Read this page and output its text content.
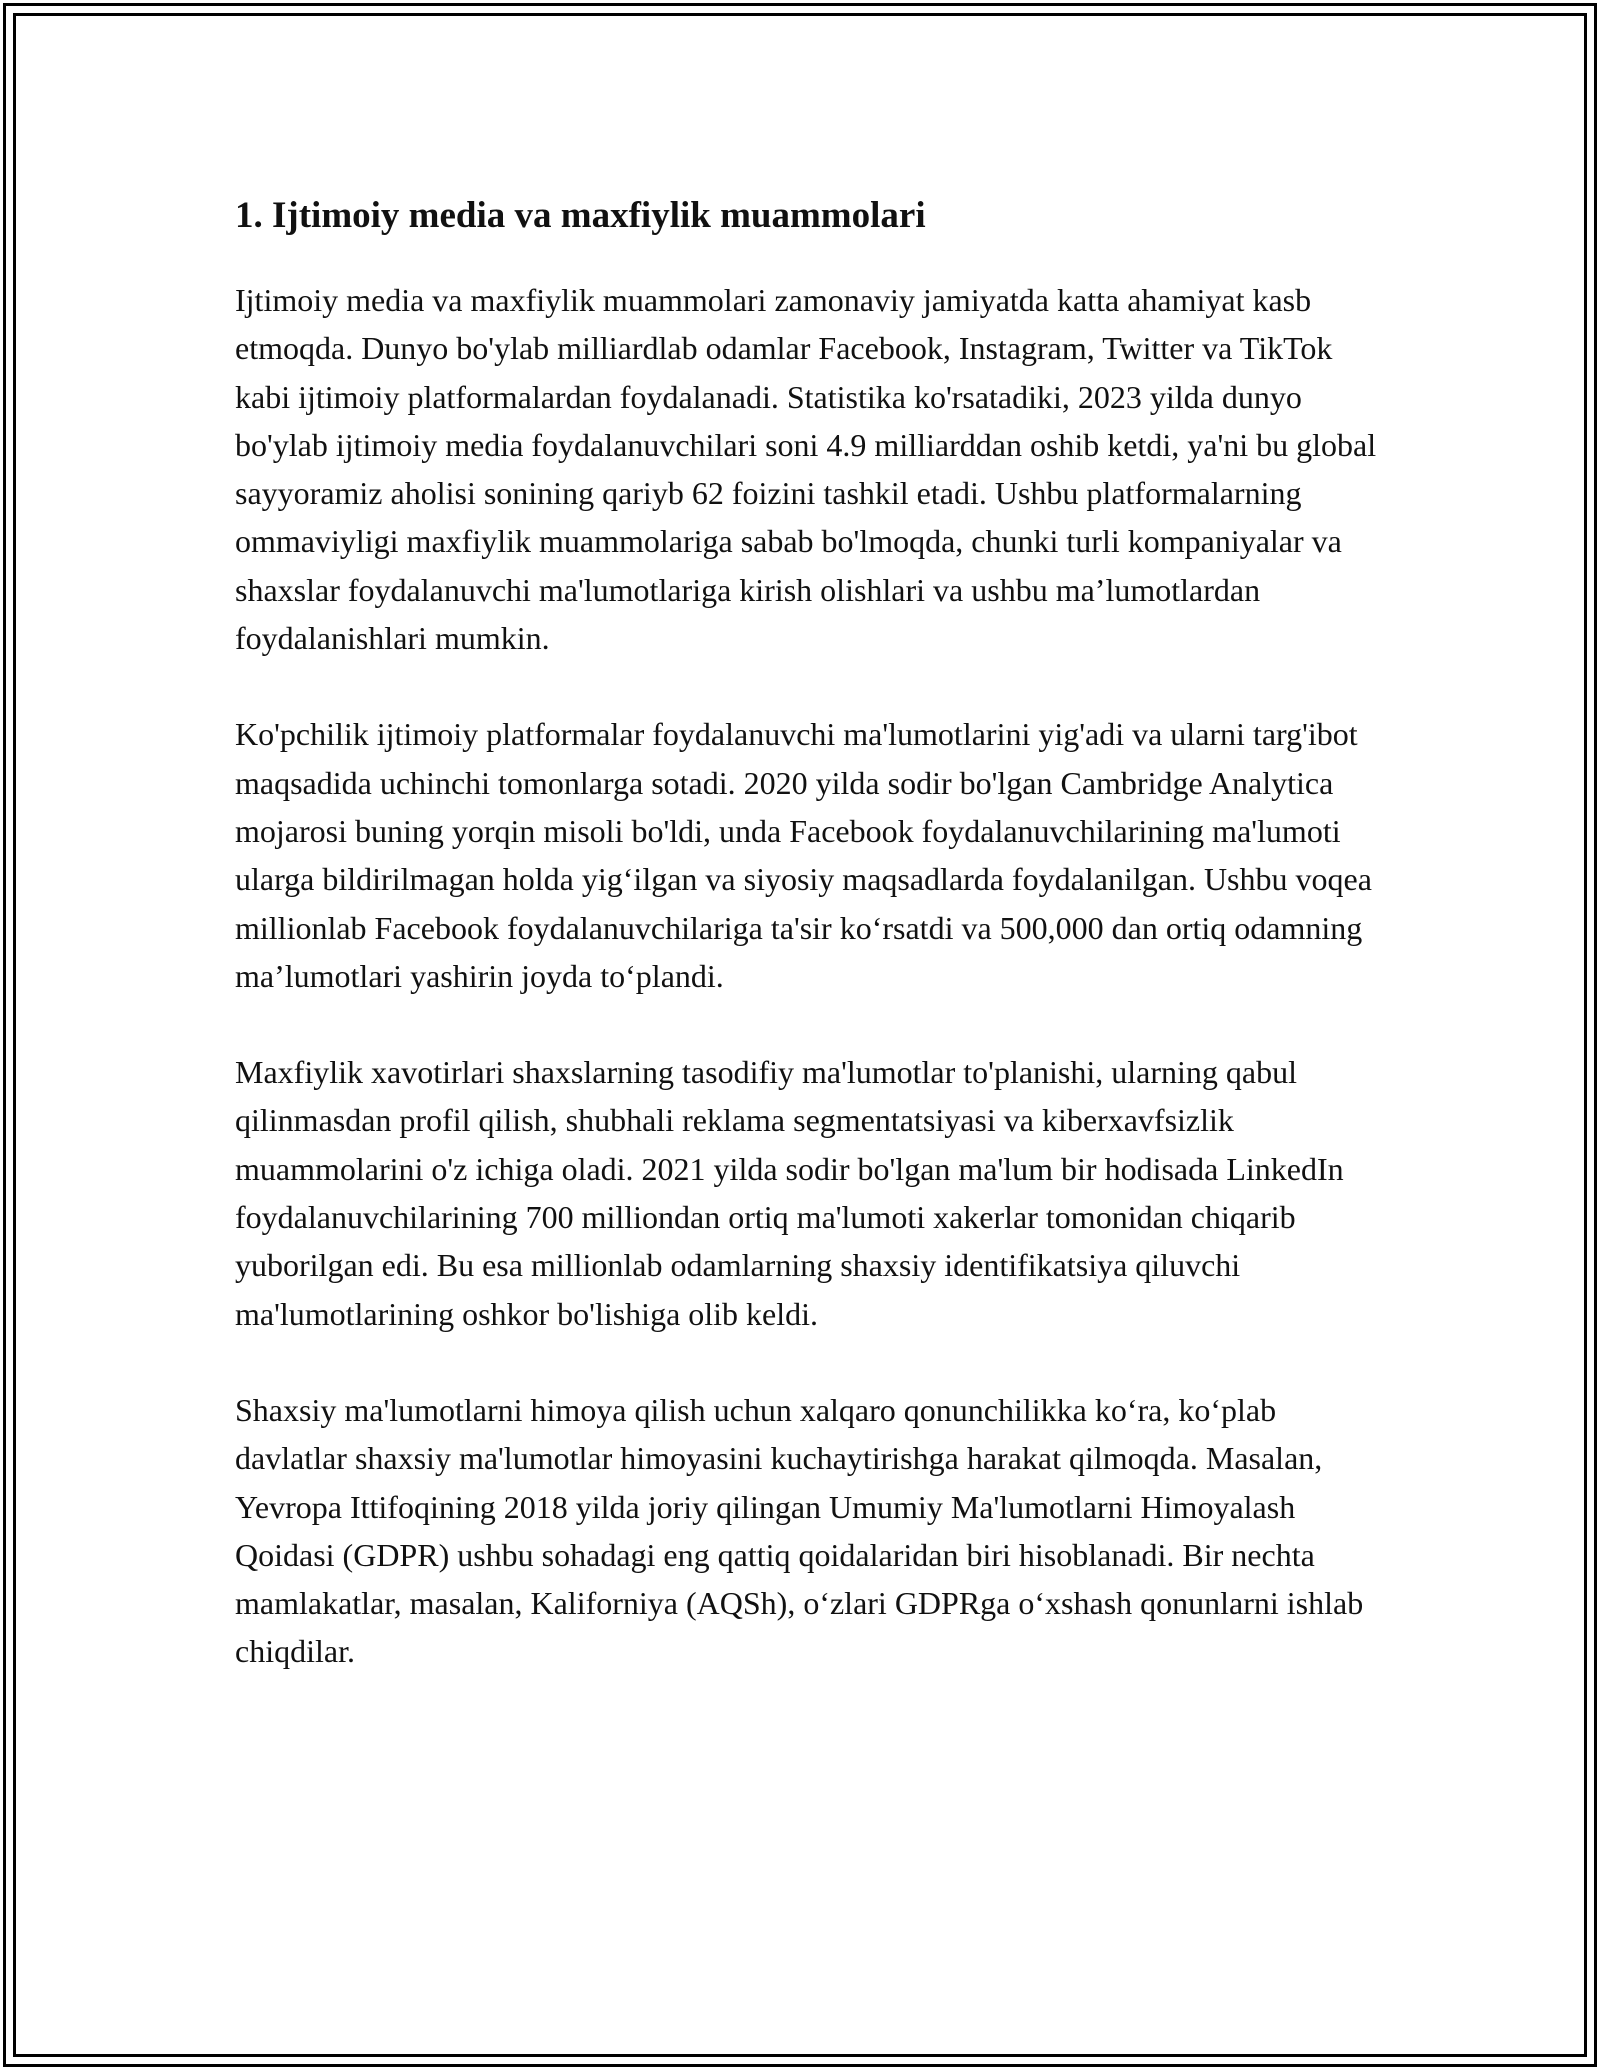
1. Ijtimoiy media va maxfiylik muammolari

Ijtimoiy media va maxfiylik muammolari zamonaviy jamiyatda katta ahamiyat kasb etmoqda. Dunyo bo'ylab milliardlab odamlar Facebook, Instagram, Twitter va TikTok kabi ijtimoiy platformalardan foydalanadi. Statistika ko'rsatadiki, 2023 yilda dunyo bo'ylab ijtimoiy media foydalanuvchilari soni 4.9 milliarddan oshib ketdi, ya'ni bu global sayyoramiz aholisi sonining qariyb 62 foizini tashkil etadi. Ushbu platformalarning ommaviyligi maxfiylik muammolariga sabab bo'lmoqda, chunki turli kompaniyalar va shaxslar foydalanuvchi ma'lumotlariga kirish olishlari va ushbu ma’lumotlardan foydalanishlari mumkin.

Ko'pchilik ijtimoiy platformalar foydalanuvchi ma'lumotlarini yig'adi va ularni targ'ibot maqsadida uchinchi tomonlarga sotadi. 2020 yilda sodir bo'lgan Cambridge Analytica mojarosi buning yorqin misoli bo'ldi, unda Facebook foydalanuvchilarining ma'lumoti ularga bildirilmagan holda yig‘ilgan va siyosiy maqsadlarda foydalanilgan. Ushbu voqea millionlab Facebook foydalanuvchilariga ta'sir ko‘rsatdi va 500,000 dan ortiq odamning ma’lumotlari yashirin joyda to‘plandi.

Maxfiylik xavotirlari shaxslarning tasodifiy ma'lumotlar to'planishi, ularning qabul qilinmasdan profil qilish, shubhali reklama segmentatsiyasi va kiberxavfsizlik muammolarini o'z ichiga oladi. 2021 yilda sodir bo'lgan ma'lum bir hodisada LinkedIn foydalanuvchilarining 700 milliondan ortiq ma'lumoti xakerlar tomonidan chiqarib yuborilgan edi. Bu esa millionlab odamlarning shaxsiy identifikatsiya qiluvchi ma'lumotlarining oshkor bo'lishiga olib keldi.

Shaxsiy ma'lumotlarni himoya qilish uchun xalqaro qonunchilikka ko‘ra, ko‘plab davlatlar shaxsiy ma'lumotlar himoyasini kuchaytirishga harakat qilmoqda. Masalan, Yevropa Ittifoqining 2018 yilda joriy qilingan Umumiy Ma'lumotlarni Himoyalash Qoidasi (GDPR) ushbu sohadagi eng qattiq qoidalaridan biri hisoblanadi. Bir nechta mamlakatlar, masalan, Kaliforniya (AQSh), o‘zlari GDPRga o‘xshash qonunlarni ishlab chiqdilar.
